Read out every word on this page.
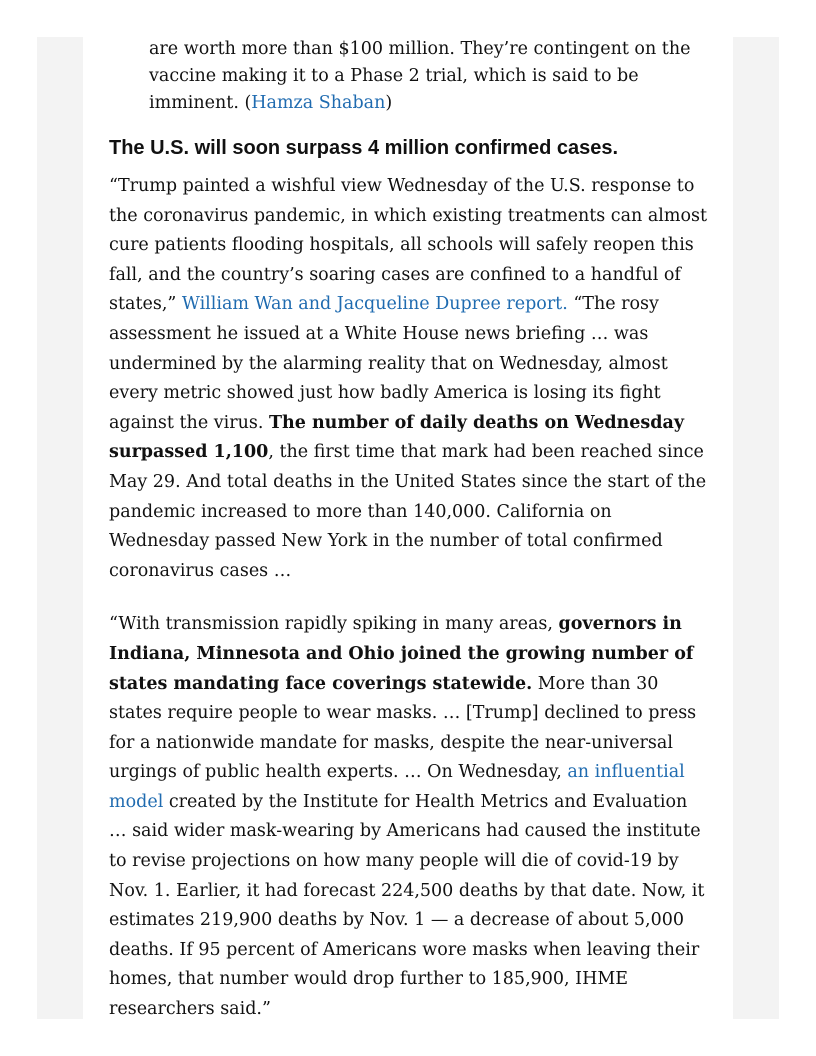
are worth more than $100 million. They’re contingent on the vaccine making it to a Phase 2 trial, which is said to be imminent. (Hamza Shaban)

The U.S. will soon surpass 4 million confirmed cases.

“Trump painted a wishful view Wednesday of the U.S. response to the coronavirus pandemic, in which existing treatments can almost cure patients flooding hospitals, all schools will safely reopen this fall, and the country’s soaring cases are confined to a handful of states,” William Wan and Jacqueline Dupree report. “The rosy assessment he issued at a White House news briefing … was undermined by the alarming reality that on Wednesday, almost every metric showed just how badly America is losing its fight against the virus. The number of daily deaths on Wednesday surpassed 1,100, the first time that mark had been reached since May 29. And total deaths in the United States since the start of the pandemic increased to more than 140,000. California on Wednesday passed New York in the number of total confirmed coronavirus cases …

“With transmission rapidly spiking in many areas, governors in Indiana, Minnesota and Ohio joined the growing number of states mandating face coverings statewide. More than 30 states require people to wear masks. … [Trump] declined to press for a nationwide mandate for masks, despite the near-universal urgings of public health experts. … On Wednesday, an influential model created by the Institute for Health Metrics and Evaluation … said wider mask-wearing by Americans had caused the institute to revise projections on how many people will die of covid-19 by Nov. 1. Earlier, it had forecast 224,500 deaths by that date. Now, it estimates 219,900 deaths by Nov. 1 — a decrease of about 5,000 deaths. If 95 percent of Americans wore masks when leaving their homes, that number would drop further to 185,900, IHME researchers said.”
